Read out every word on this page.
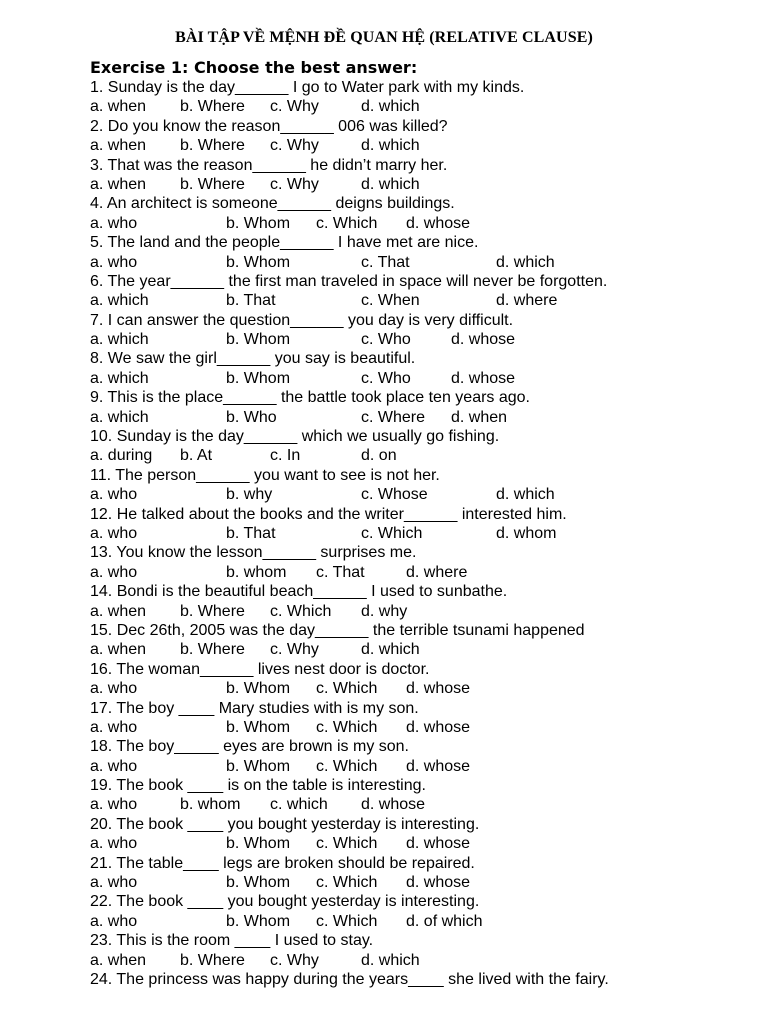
BÀI TẬP VỀ MỆNH ĐỀ QUAN HỆ (RELATIVE CLAUSE)
Exercise 1: Choose the best answer:
1. Sunday is the day______ I go to Water park with my kinds.
a. when b. Where c. Why	d. which
2. Do you know the reason______ 006 was killed?
a. when b. Where c. Why	d. which
3. That was the reason______ he didn’t marry her.
a. when b. Where c. Why	d. which
4. An architect is someone______ deigns buildings.
a. who	b. Whom c. Which d. whose
5. The land and the people______ I have met are nice.
a. who	b. Whom	c. That	d. which
6. The year______ the first man traveled in space will never be forgotten.
a. which	b. That	c. When	d. where
7. I can answer the question______ you day is very difficult.
a. which	b. Whom	c. Who	d. whose
8. We saw the girl______ you say is beautiful.
a. which	b. Whom	c. Who	d. whose
9. This is the place______ the battle took place ten years ago.
a. which	b. Who	c. Where d. when
10. Sunday is the day______ which we usually go fishing.
a. during b. At	c. In	d. on
11. The person______ you want to see is not her.
a. who	b. why	c. Whose	d. which
12. He talked about the books and the writer______ interested him.
a. who	b. That	c. Which	d. whom
13. You know the lesson______ surprises me.
a. who	b. whom c. That	d. where
14. Bondi is the beautiful beach______ I used to sunbathe.
a. when b. Where c. Which d. why
15. Dec 26th, 2005 was the day______ the terrible tsunami happened
a. when b. Where c. Why	d. which
16. The woman______ lives nest door is doctor.
a. who	b. Whom c. Which d. whose
17. The boy ____ Mary studies with is my son.
a. who	b. Whom c. Which d. whose
18. The boy_____ eyes are brown is my son.
a. who	b. Whom c. Which d. whose
19. The book ____ is on the table is interesting.
a. who	b. whom c. which d. whose
20. The book ____ you bought yesterday is interesting.
a. who	b. Whom c. Which d. whose
21. The table____ legs are broken should be repaired.
a. who	b. Whom c. Which d. whose
22. The book ____ you bought yesterday is interesting.
a. who	b. Whom c. Which d. of which
23. This is the room ____ I used to stay.
a. when b. Where c. Why	d. which
24. The princess was happy during the years____ she lived with the fairy.
